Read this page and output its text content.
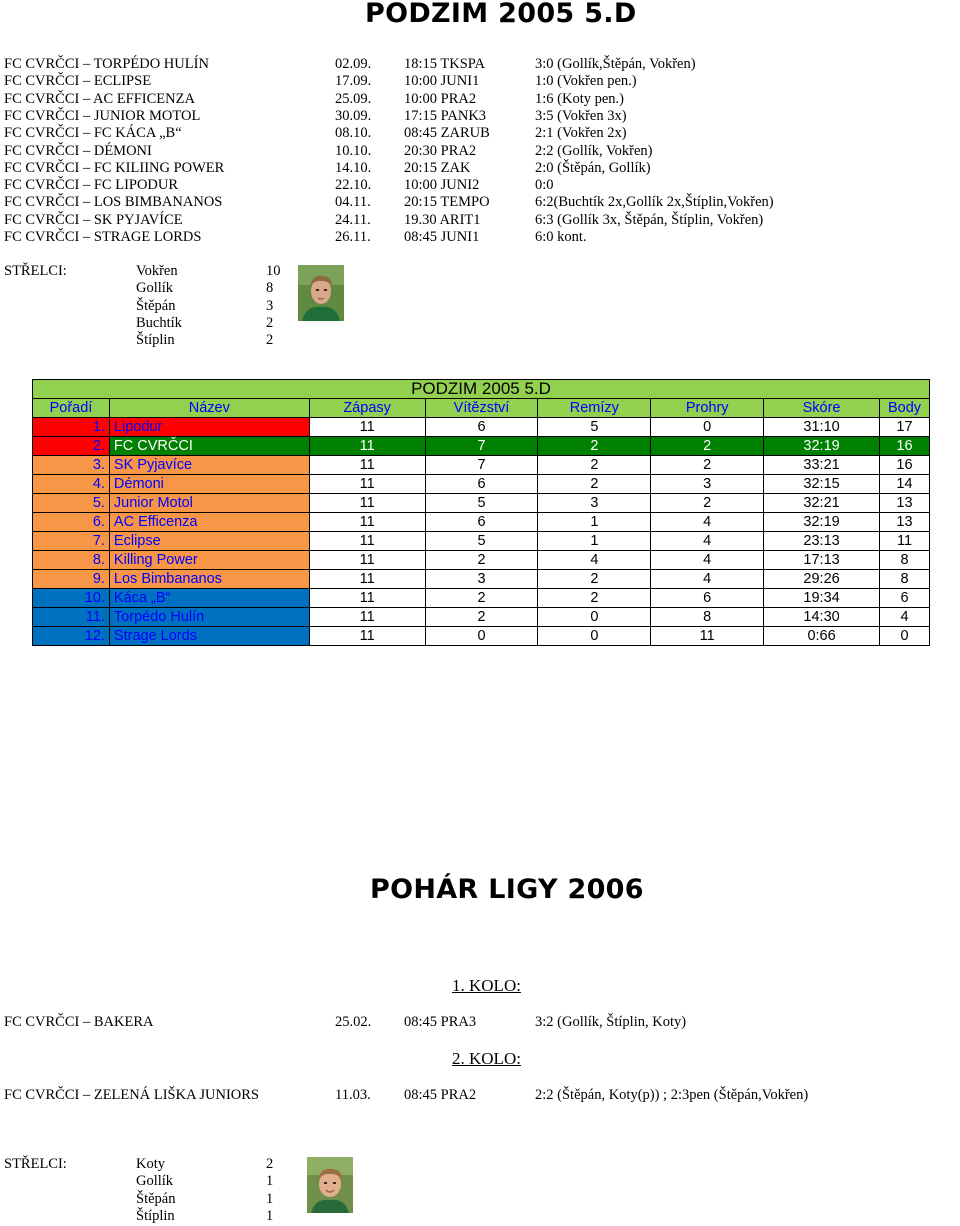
PODZIM 2005 5.D
FC CVRČCI – TORPÉDO HULÍN	02.09. 18:15 TKSPA	3:0 (Gollík,Štěpán, Vokřen)
FC CVRČCI – ECLIPSE	17.09. 10:00 JUNI1	1:0 (Vokřen pen.)
FC CVRČCI – AC EFFICENZA	25.09. 10:00 PRA2	1:6 (Koty pen.)
FC CVRČCI – JUNIOR MOTOL	30.09. 17:15 PANK3	3:5 (Vokřen 3x)
FC CVRČCI – FC KÁCA „B“	08.10. 08:45 ZARUB	2:1 (Vokřen 2x)
FC CVRČCI – DÉMONI	10.10. 20:30 PRA2	2:2 (Gollík, Vokřen)
FC CVRČCI – FC KILIING POWER	14.10. 20:15 ZAK	2:0 (Štěpán, Gollík)
FC CVRČCI – FC LIPODUR	22.10. 10:00 JUNI2	0:0
FC CVRČCI – LOS BIMBANANOS	04.11. 20:15 TEMPO	6:2(Buchtík 2x,Gollík 2x,Štíplin,Vokřen)
FC CVRČCI – SK PYJAVÍCE	24.11. 19.30 ARIT1	6:3 (Gollík 3x, Štěpán, Štíplin, Vokřen)
FC CVRČCI – STRAGE LORDS	26.11. 08:45 JUNI1	6:0 kont.
STŘELCI:	Vokřen	10
Gollík	8
Štěpán	3
Buchtík	2
Štíplin	2
PODZIM 2005 5.D							
Pořadí	Název	Zápasy	Vítězství	Remízy	Prohry	Skóre	Body
1.	Lipodur	11	6	5	0	31:10	17
2.	FC CVRČCI	11	7	2	2	32:19	16
3.	SK Pyjavíce	11	7	2	2	33:21	16
4.	Démoni	11	6	2	3	32:15	14
5.	Junior Motol	11	5	3	2	32:21	13
6.	AC Efficenza	11	6	1	4	32:19	13
7.	Eclipse	11	5	1	4	23:13	11
8.	Killing Power	11	2	4	4	17:13	8
9.	Los Bimbananos	11	3	2	4	29:26	8
10.	Káca „B“	11	2	2	6	19:34	6
11.	Torpédo Hulín	11	2	0	8	14:30	4
12.	Strage Lords	11	0	0	11	0:66	0
POHÁR LIGY 2006
1. KOLO:
FC CVRČCI – BAKERA	25.02. 08:45 PRA3	3:2 (Gollík, Štíplin, Koty)
2. KOLO:
FC CVRČCI – ZELENÁ LIŠKA JUNIORS	11.03. 08:45 PRA2	2:2 (Štěpán, Koty(p)) ; 2:3pen (Štěpán,Vokřen)
STŘELCI:	Koty	2
Gollík	1
Štěpán	1
Štíplin	1
